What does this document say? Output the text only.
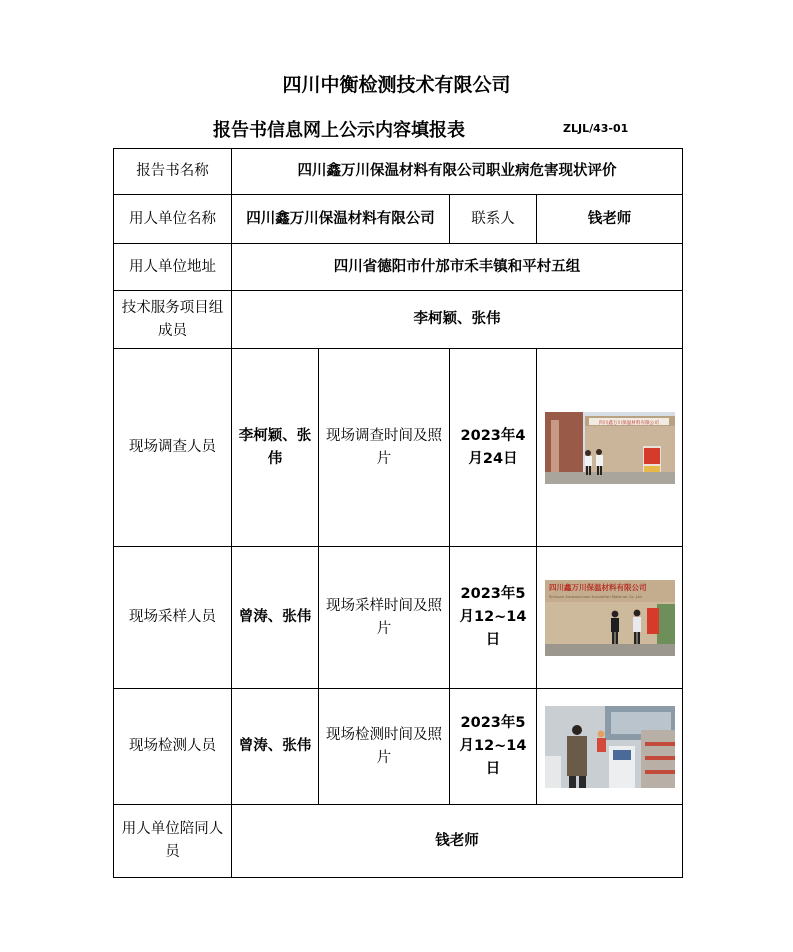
四川中衡检测技术有限公司
报告书信息网上公示内容填报表	ZLJL/43-01
报告书名称	四川鑫万川保温材料有限公司职业病危害现状评价			
用人单位名称	四川鑫万川保温材料有限公司		联系人	钱老师
用人单位地址	四川省德阳市什邡市禾丰镇和平村五组			
技术服务项目组成员	李柯颖、张伟			
现场调查人员	李柯颖、张伟	现场调查时间及照片	2023年4月24日	四川鑫万川保温材料有限公司

现场采样人员	曾涛、张伟	现场采样时间及照片	2023年5月12~14日	四川鑫万川保温材料有限公司
Sichuan Xinwanchuan Insulation Material Co.,Ltd

现场检测人员	曾涛、张伟	现场检测时间及照片	2023年5月12~14日	

用人单位陪同人员	钱老师			
